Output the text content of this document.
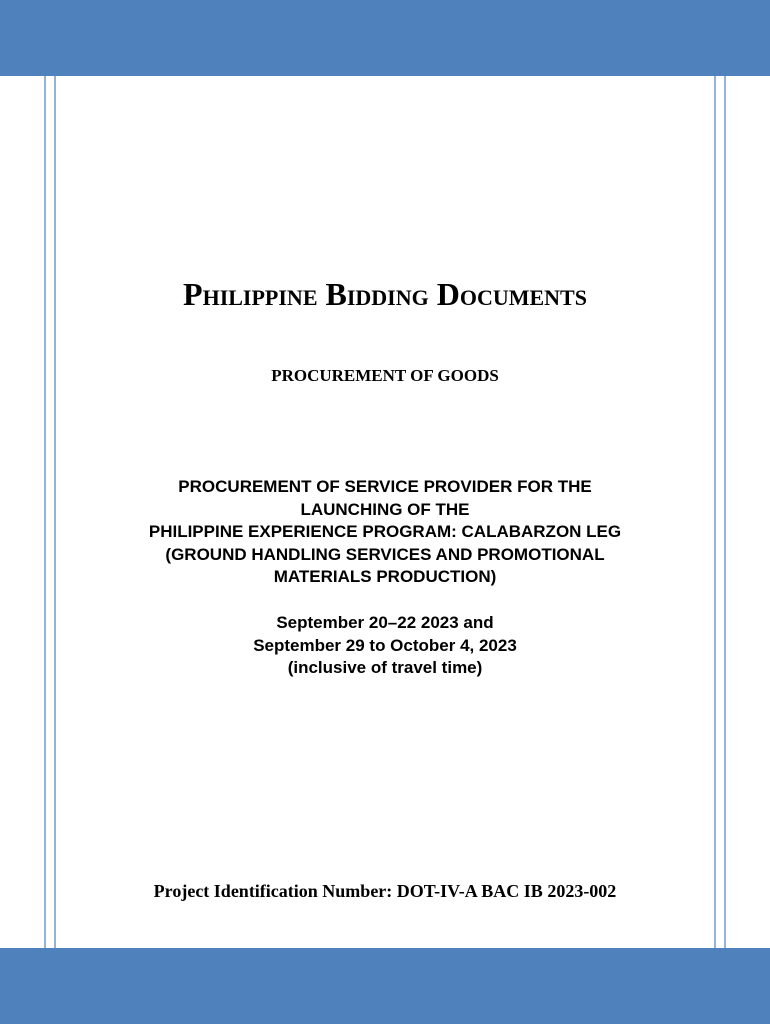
Philippine Bidding Documents
PROCUREMENT OF GOODS
PROCUREMENT OF SERVICE PROVIDER FOR THE
LAUNCHING OF THE
PHILIPPINE EXPERIENCE PROGRAM: CALABARZON LEG
(GROUND HANDLING SERVICES AND PROMOTIONAL
MATERIALS PRODUCTION)
September 20–22 2023 and
September 29 to October 4, 2023
(inclusive of travel time)
Project Identification Number: DOT-IV-A BAC IB 2023-002
